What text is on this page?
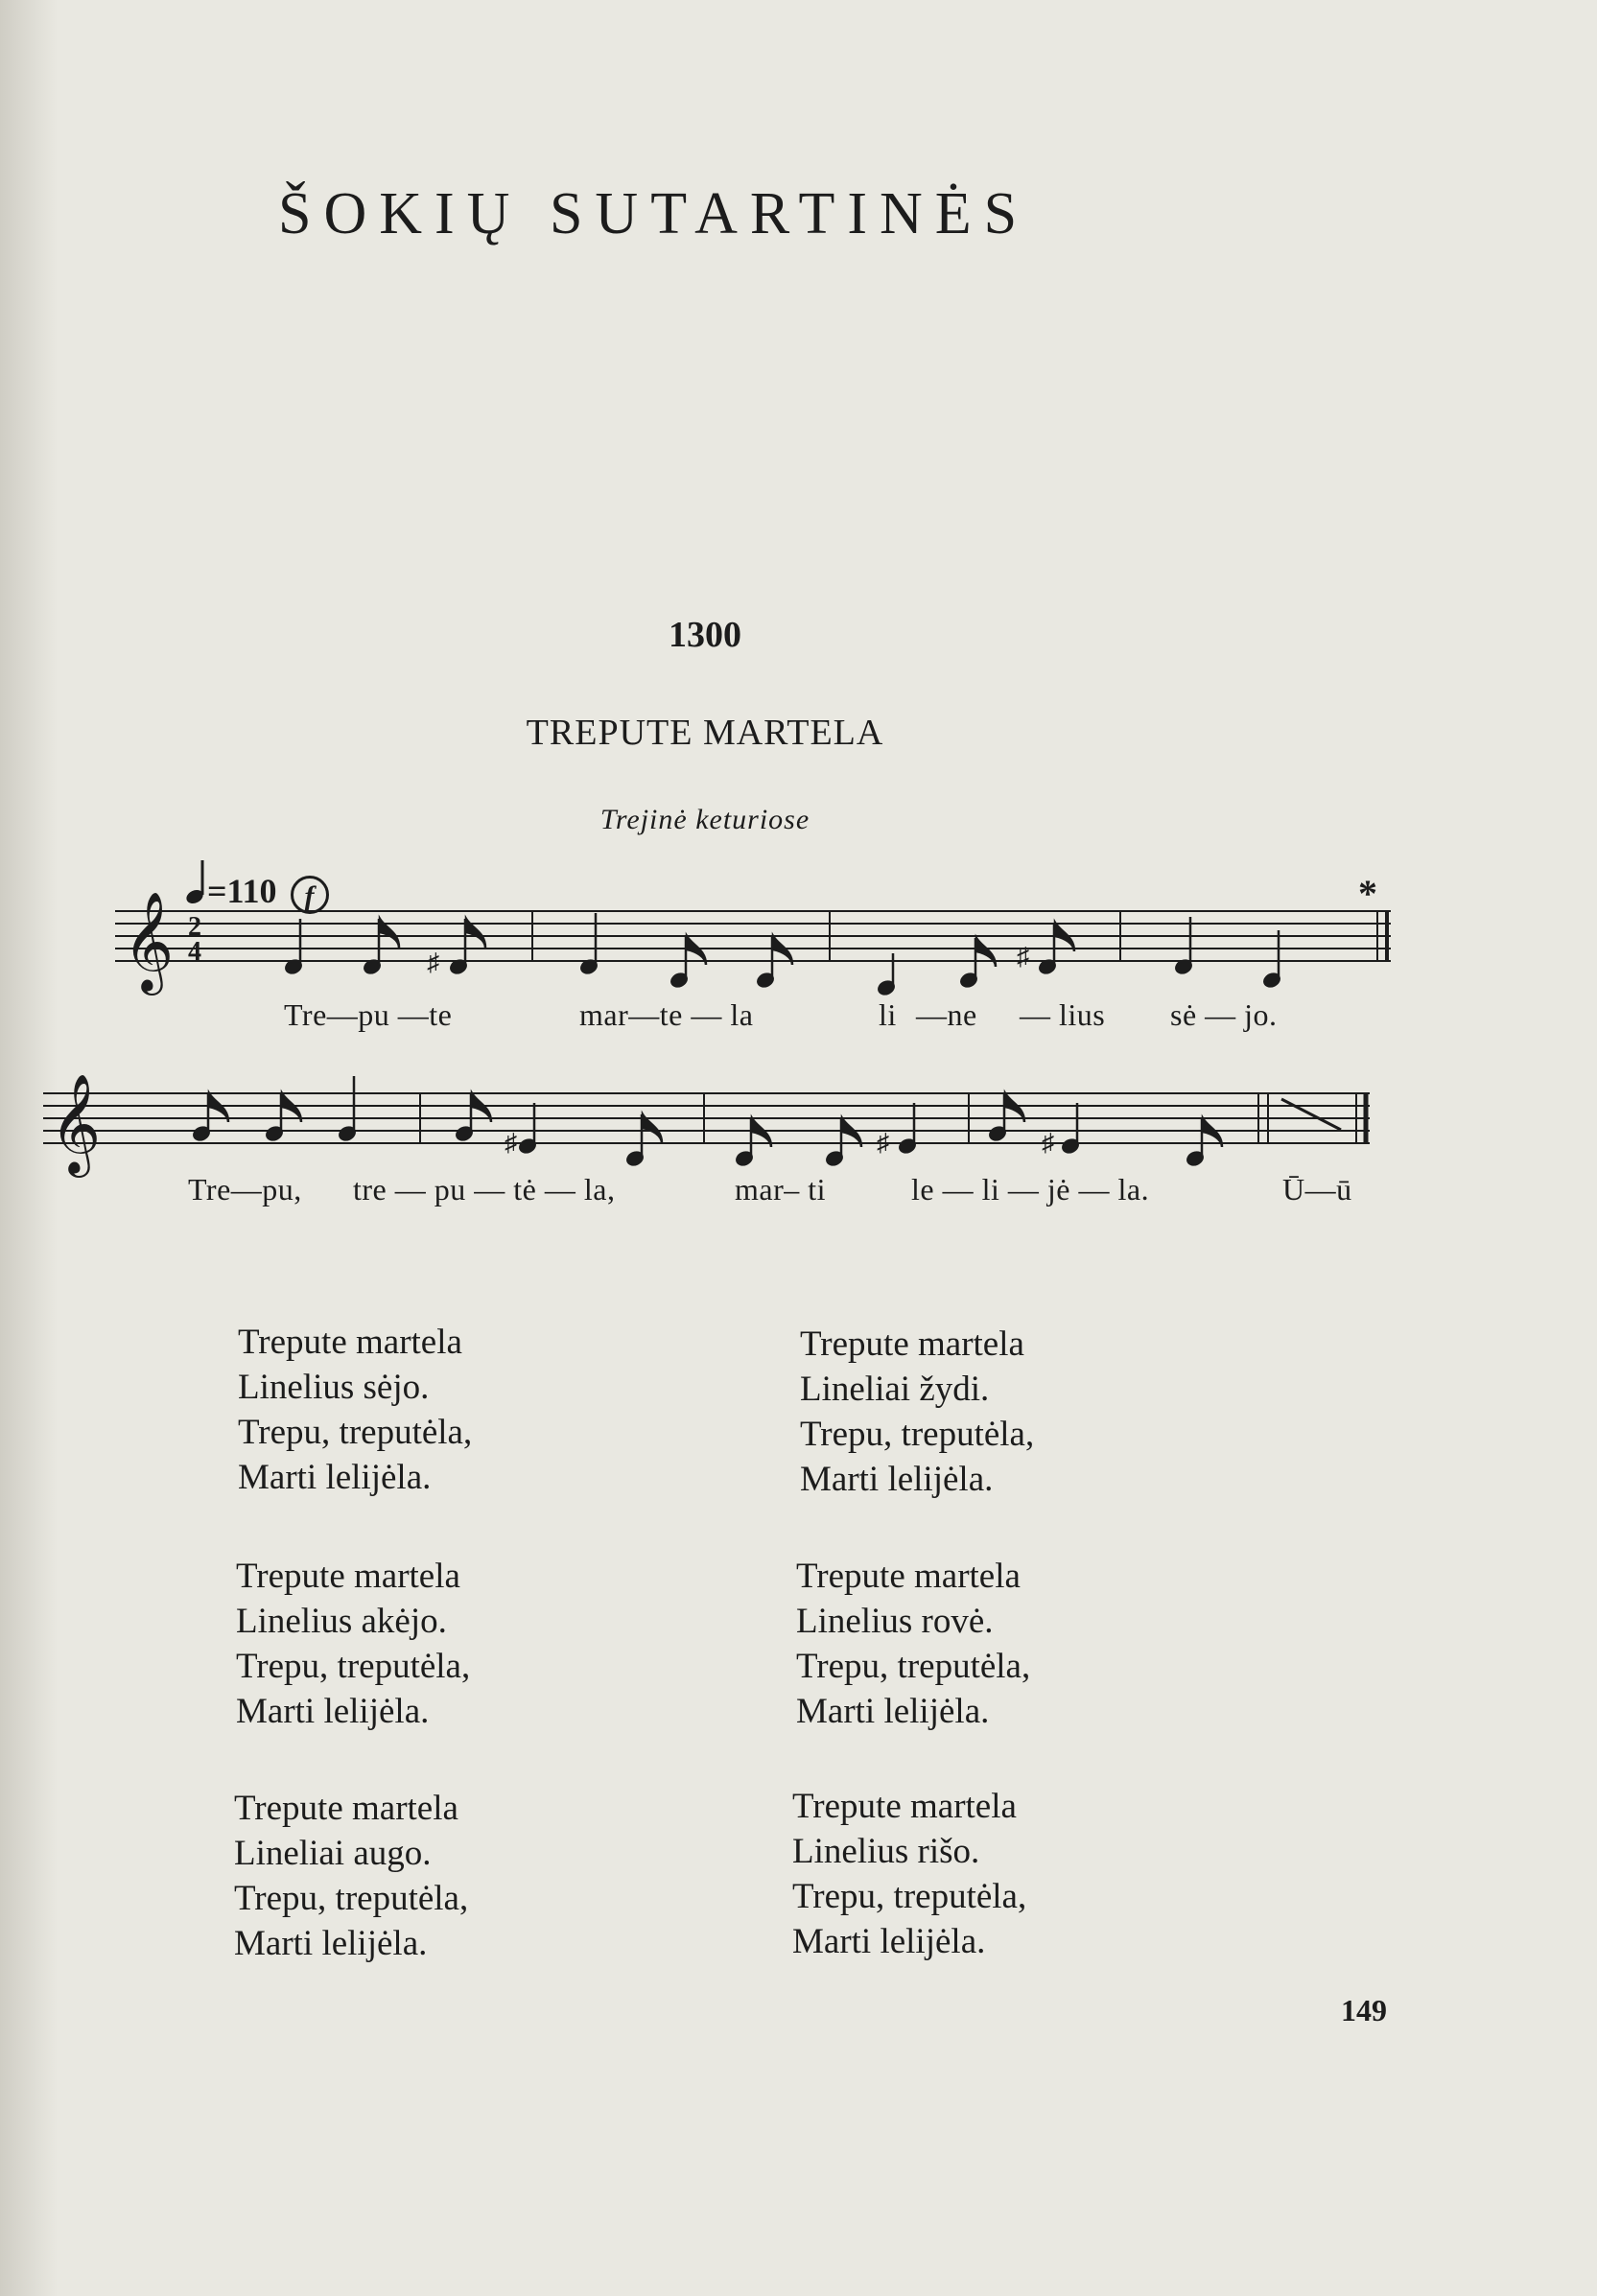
ŠOKIŲ SUTARTINĖS
1300
TREPUTE MARTELA
Trejinė keturiose
=110 f	*
𝄞 2
4	♯	♯
𝄞	♯	♯	♯
Tre—pu —te	mar—te — la	li —ne — lius sė — jo.
Tre—pu, tre — pu — tė — la,	mar– ti	le — li — jė — la.	Ū—ū
Trepute martela
Linelius sėjo.
Trepu, treputėla,
Marti lelijėla.
Trepute martela
Lineliai žydi.
Trepu, treputėla,
Marti lelijėla.
Trepute martela
Linelius akėjo.
Trepu, treputėla,
Marti lelijėla.
Trepute martela
Linelius rovė.
Trepu, treputėla,
Marti lelijėla.
Trepute martela
Lineliai augo.
Trepu, treputėla,
Marti lelijėla.
Trepute martela
Linelius rišo.
Trepu, treputėla,
Marti lelijėla.
149
